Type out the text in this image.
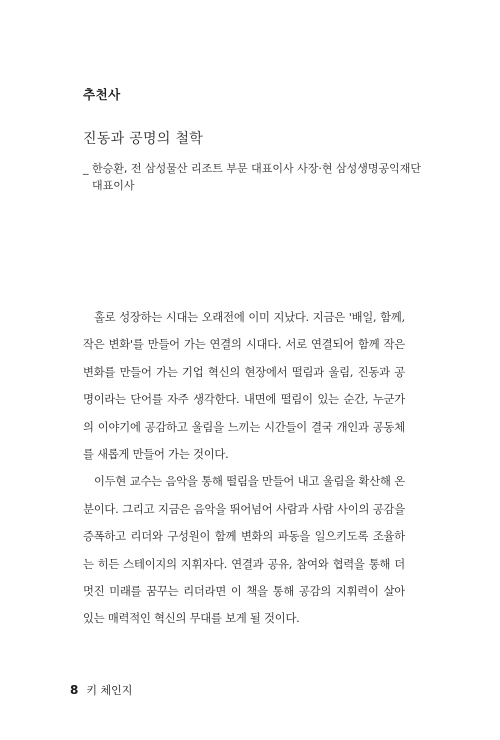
추천사
진동과 공명의 철학
_ 한승환, 전 삼성물산 리조트 부문 대표이사 사장·현 삼성생명공익재단 대표이사

홀로 성장하는 시대는 오래전에 이미 지났다. 지금은 '배일, 함께, 작은 변화'를 만들어 가는 연결의 시대다. 서로 연결되어 함께 작은 변화를 만들어 가는 기업 혁신의 현장에서 떨림과 울림, 진동과 공명이라는 단어를 자주 생각한다. 내면에 떨림이 있는 순간, 누군가의 이야기에 공감하고 울림을 느끼는 시간들이 결국 개인과 공동체를 새롭게 만들어 가는 것이다.

이두현 교수는 음악을 통해 떨림을 만들어 내고 울림을 확산해 온 분이다. 그리고 지금은 음악을 뛰어넘어 사람과 사람 사이의 공감을 증폭하고 리더와 구성원이 함께 변화의 파동을 일으키도록 조율하는 히든 스테이지의 지휘자다. 연결과 공유, 참여와 협력을 통해 더 멋진 미래를 꿈꾸는 리더라면 이 책을 통해 공감의 지휘력이 살아 있는 매력적인 혁신의 무대를 보게 될 것이다.

8 키 체인지
